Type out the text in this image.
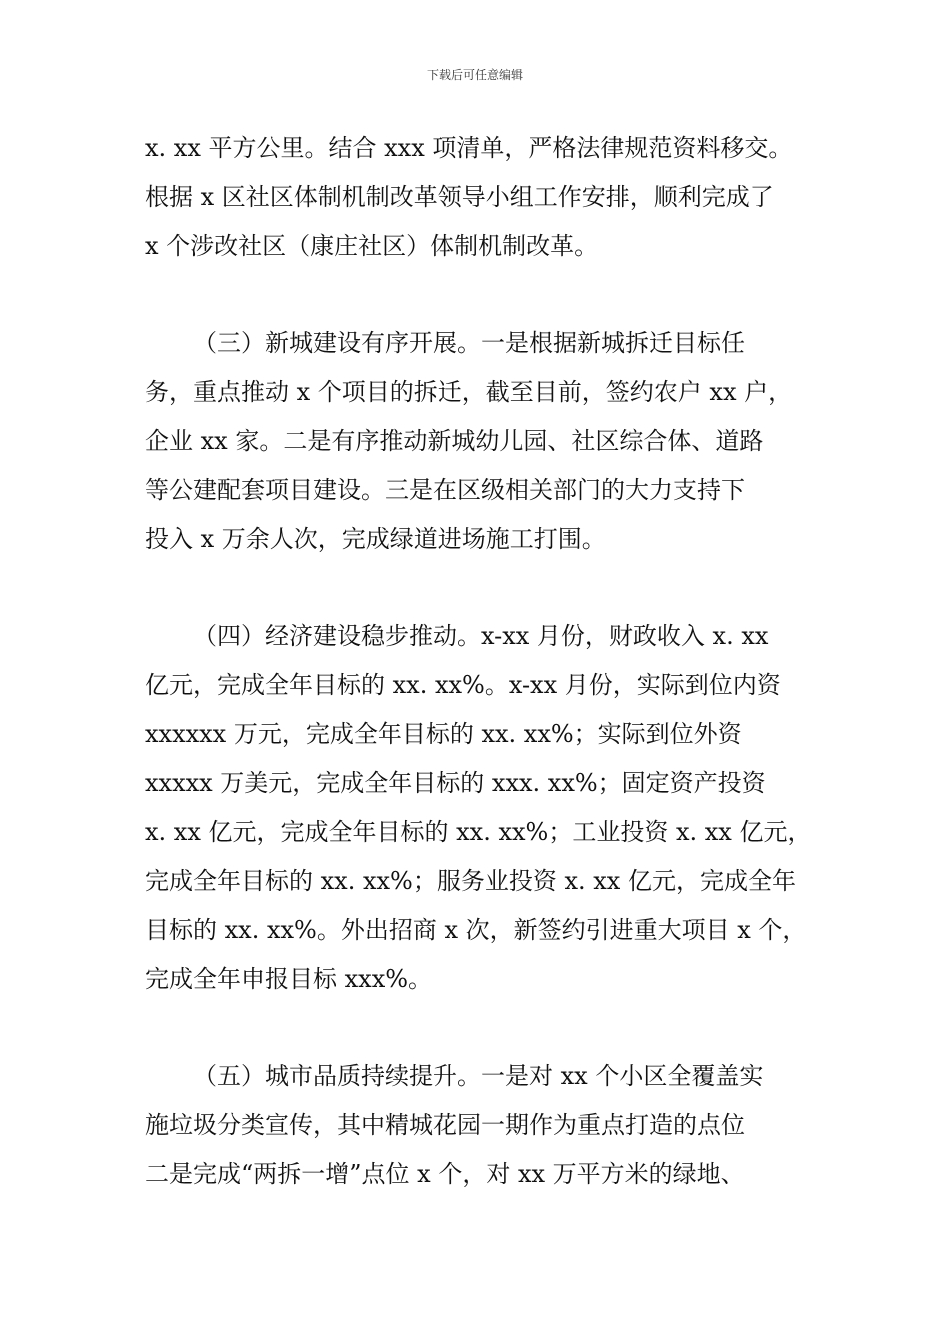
下载后可任意编辑
x. xx 平方公里。结合 xxx 项清单，严格法律规范资料移交。
根据 x 区社区体制机制改革领导小组工作安排，顺利完成了
x 个涉改社区（康庄社区）体制机制改革。
（三）新城建设有序开展。一是根据新城拆迁目标任
务，重点推动 x 个项目的拆迁，截至目前，签约农户 xx 户，
企业 xx 家。二是有序推动新城幼儿园、社区综合体、道路
等公建配套项目建设。三是在区级相关部门的大力支持下
投入 x 万余人次，完成绿道进场施工打围。
（四）经济建设稳步推动。x-xx 月份，财政收入 x. xx
亿元，完成全年目标的 xx. xx%。x-xx 月份，实际到位内资
xxxxxx 万元，完成全年目标的 xx. xx%；实际到位外资
xxxxx 万美元，完成全年目标的 xxx. xx%；固定资产投资
x. xx 亿元，完成全年目标的 xx. xx%；工业投资 x. xx 亿元，
完成全年目标的 xx. xx%；服务业投资 x. xx 亿元，完成全年
目标的 xx. xx%。外出招商 x 次，新签约引进重大项目 x 个，
完成全年申报目标 xxx%。
（五）城市品质持续提升。一是对 xx 个小区全覆盖实
施垃圾分类宣传，其中精城花园一期作为重点打造的点位
二是完成“两拆一增”点位 x 个，对 xx 万平方米的绿地、
